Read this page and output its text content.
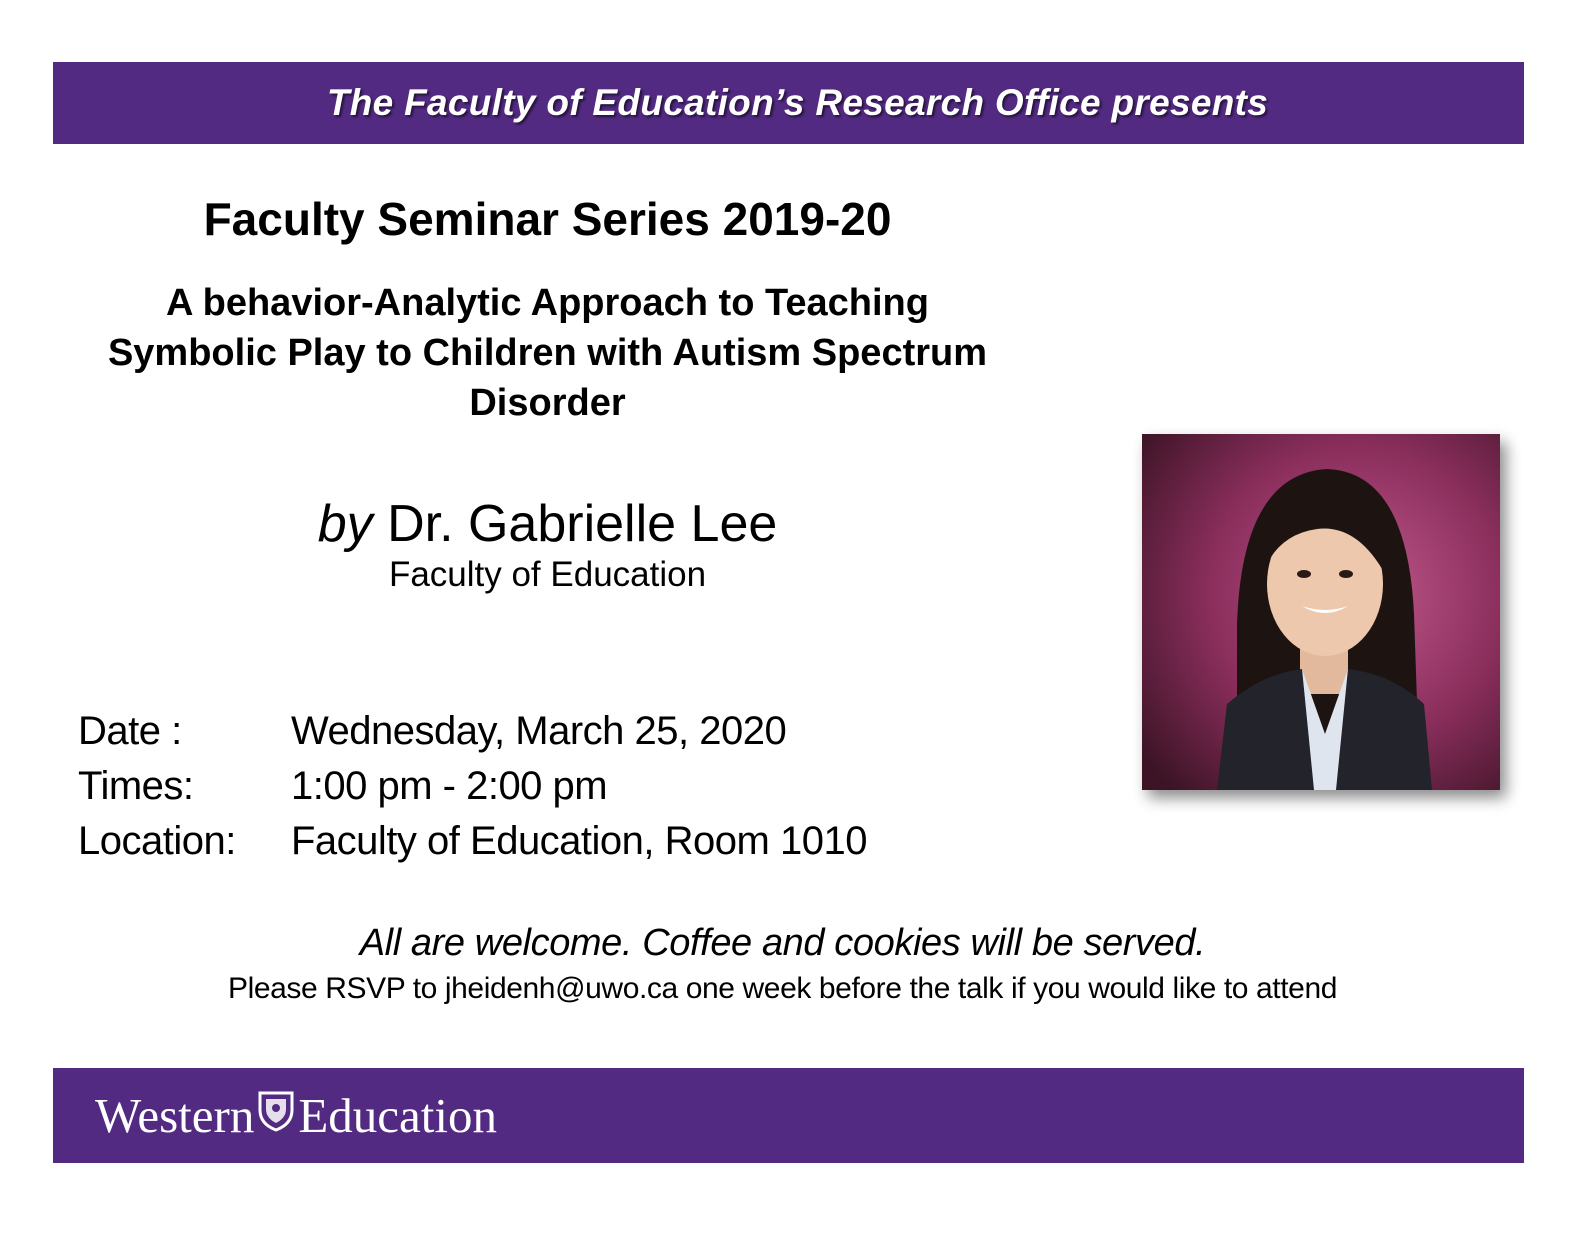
The Faculty of Education’s Research Office presents
Faculty Seminar Series 2019-20
A behavior-Analytic Approach to Teaching
Symbolic Play to Children with Autism Spectrum
Disorder
by Dr. Gabrielle Lee
Faculty of Education
Date :	Wednesday, March 25, 2020
Times:	1:00 pm - 2:00 pm
Location:	Faculty of Education, Room 1010
All are welcome. Coffee and cookies will be served.
Please RSVP to jheidenh@uwo.ca one week before the talk if you would like to attend
Western Education
